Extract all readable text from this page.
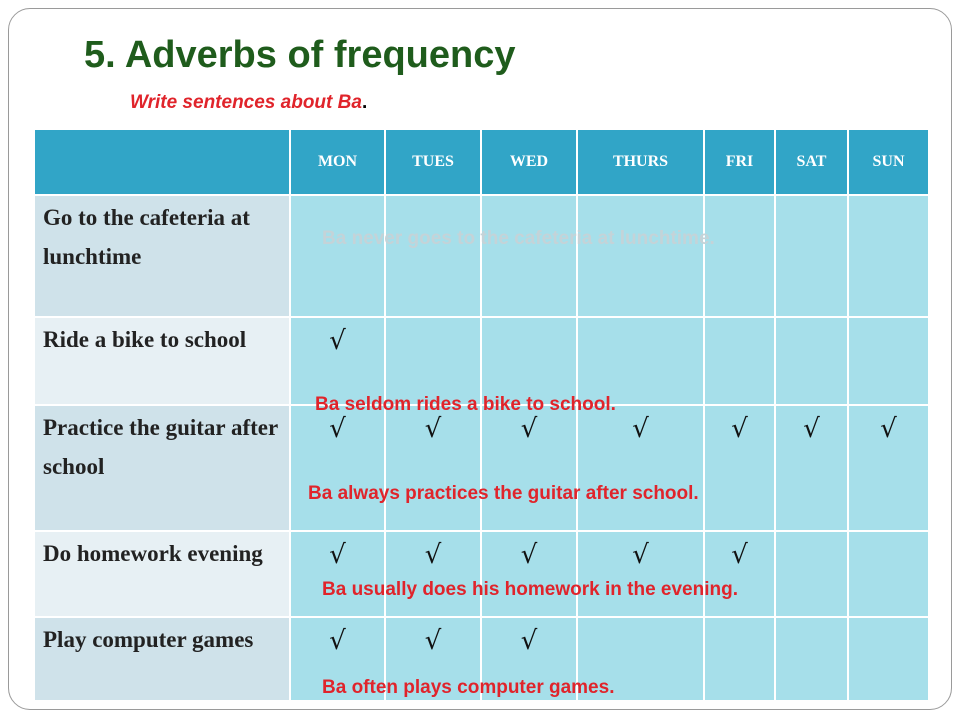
5. Adverbs of frequency
Write sentences about Ba.
	MON	TUES	WED	THURS	FRI	SAT	SUN
Go to the cafeteria at lunchtime							
Ride a bike to school	√						

Practice the guitar after school	√	√	√	√	√	√	√

Do homework evening	√	√	√	√	√		

Play computer games	√	√	√				

Ba never goes to the cafeteria at lunchtime.
Ba seldom rides a bike to school.
Ba always practices the guitar after school.
Ba usually does his homework in the evening.
Ba often plays computer games.
